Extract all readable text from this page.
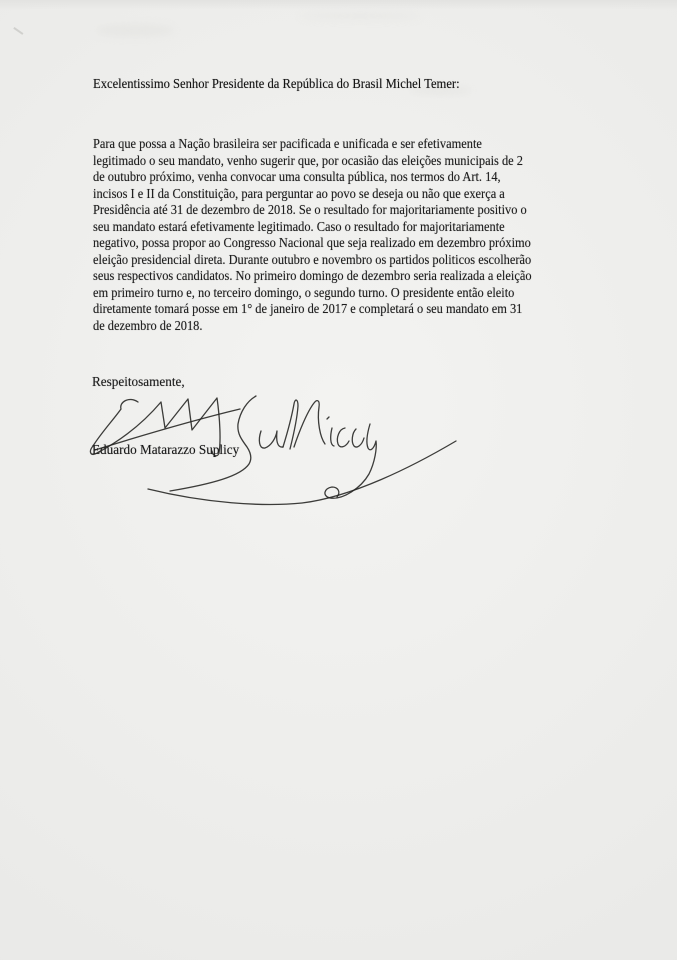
Excelentissimo Senhor Presidente da República do Brasil Michel Temer:
Para que possa a Nação brasileira ser pacificada e unificada e ser efetivamente
legitimado o seu mandato, venho sugerir que, por ocasião das eleições municipais de 2
de outubro próximo, venha convocar uma consulta pública, nos termos do Art. 14,
incisos I e II da Constituição, para perguntar ao povo se deseja ou não que exerça a
Presidência até 31 de dezembro de 2018. Se o resultado for majoritariamente positivo o
seu mandato estará efetivamente legitimado. Caso o resultado for majoritariamente
negativo, possa propor ao Congresso Nacional que seja realizado em dezembro próximo
eleição presidencial direta. Durante outubro e novembro os partidos politicos escolherão
seus respectivos candidatos. No primeiro domingo de dezembro seria realizada a eleição
em primeiro turno e, no terceiro domingo, o segundo turno. O presidente então eleito
diretamente tomará posse em 1° de janeiro de 2017 e completará o seu mandato em 31
de dezembro de 2018.
Respeitosamente,
Eduardo Matarazzo Suplicy
